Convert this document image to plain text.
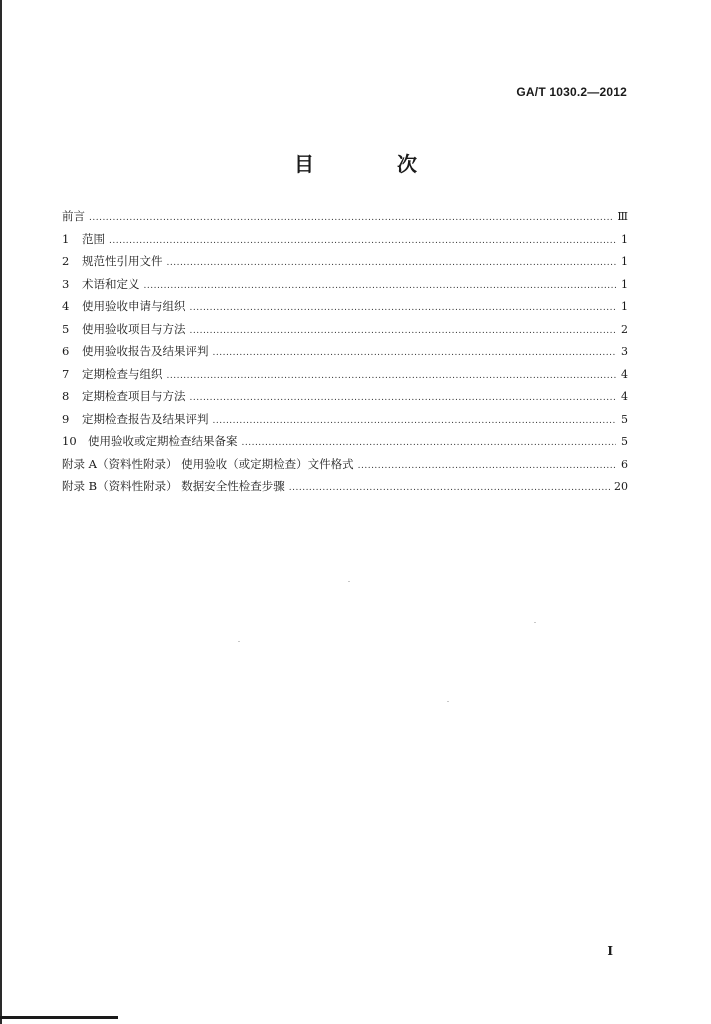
GA/T 1030.2—2012
目 次
前言 .....	Ⅲ
1	范围 .....	1
2	规范性引用文件 .....	1
3	术语和定义 .....	1
4	使用验收申请与组织 .....	1
5	使用验收项目与方法 .....	2
6	使用验收报告及结果评判 .....	3
7	定期检查与组织 .....	4
8	定期检查项目与方法 .....	4
9	定期检查报告及结果评判 .....	5
10 使用验收或定期检查结果备案 .....	5
附录 A（资料性附录） 使用验收（或定期检查）文件格式 .....	6
附录 B（资料性附录） 数据安全性检查步骤 .....	20
I
